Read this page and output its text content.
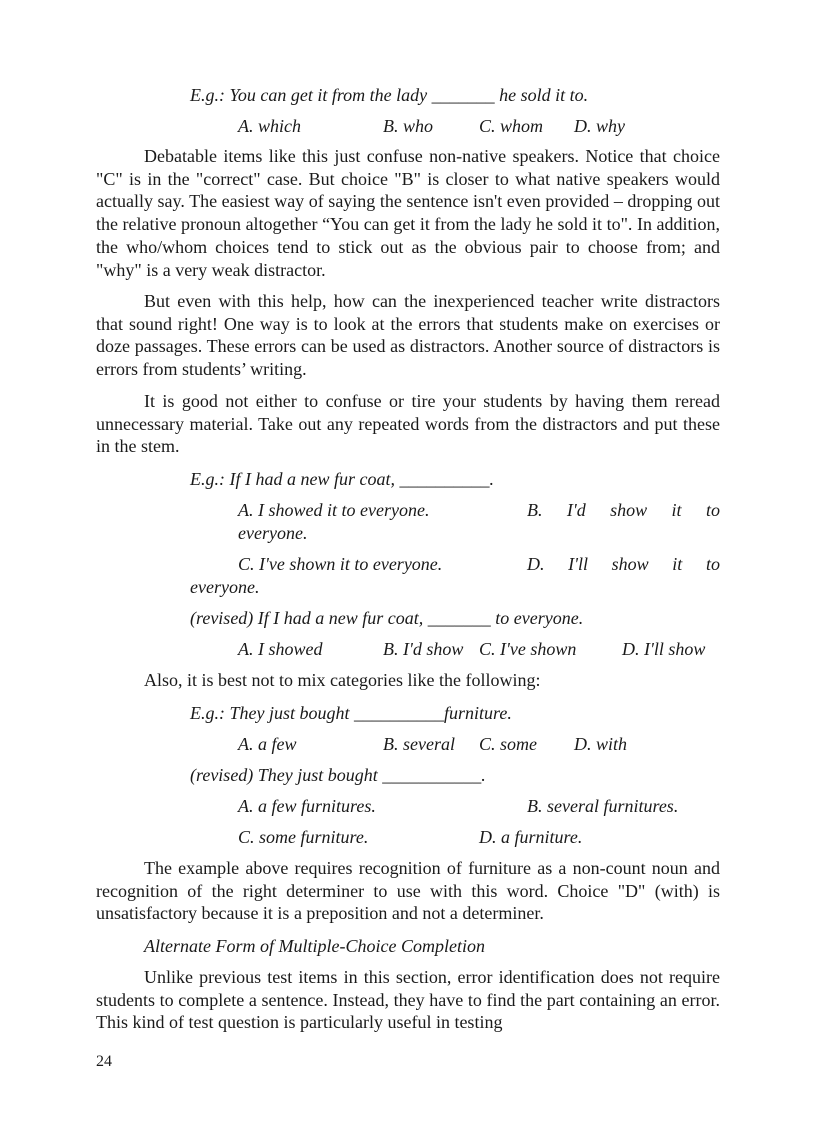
E.g.: You can get it from the lady _______ he sold it to.
A. which	B. who	C. whom D. why
Debatable items like this just confuse non-native speakers. Notice that choice "C" is in the "correct" case. But choice "B" is closer to what native speakers would actually say. The easiest way of saying the sentence isn't even provided – dropping out the relative pronoun altogether “You can get it from the lady he sold it to". In addition, the who/whom choices tend to stick out as the obvious pair to choose from; and "why" is a very weak distractor.
But even with this help, how can the inexperienced teacher write distractors that sound right! One way is to look at the errors that students make on exercises or doze passages. These errors can be used as distractors. Another source of distractors is errors from students’ writing.
It is good not either to confuse or tire your students by having them reread unnecessary material. Take out any repeated words from the distractors and put these in the stem.
E.g.: If I had a new fur coat, __________.
A. I showed it to everyone.	B. I'd show it to
everyone.
C. I've shown it to everyone.	D. I'll show it to
everyone.
(revised) If I had a new fur coat, _______ to everyone.
A. I showed	B. I'd show C. I've shown	D. I'll show
Also, it is best not to mix categories like the following:
E.g.: They just bought __________furniture.
A. a few	B. several C. some D. with
(revised) They just bought ___________.
A. a few furnitures.	B. several furnitures.
C. some furniture.	D. a furniture.
The example above requires recognition of furniture as a non-count noun and recognition of the right determiner to use with this word. Choice "D" (with) is unsatisfactory because it is a preposition and not a determiner.
Alternate Form of Multiple-Choice Completion
Unlike previous test items in this section, error identification does not require students to complete a sentence. Instead, they have to find the part containing an error. This kind of test question is particularly useful in testing
24
